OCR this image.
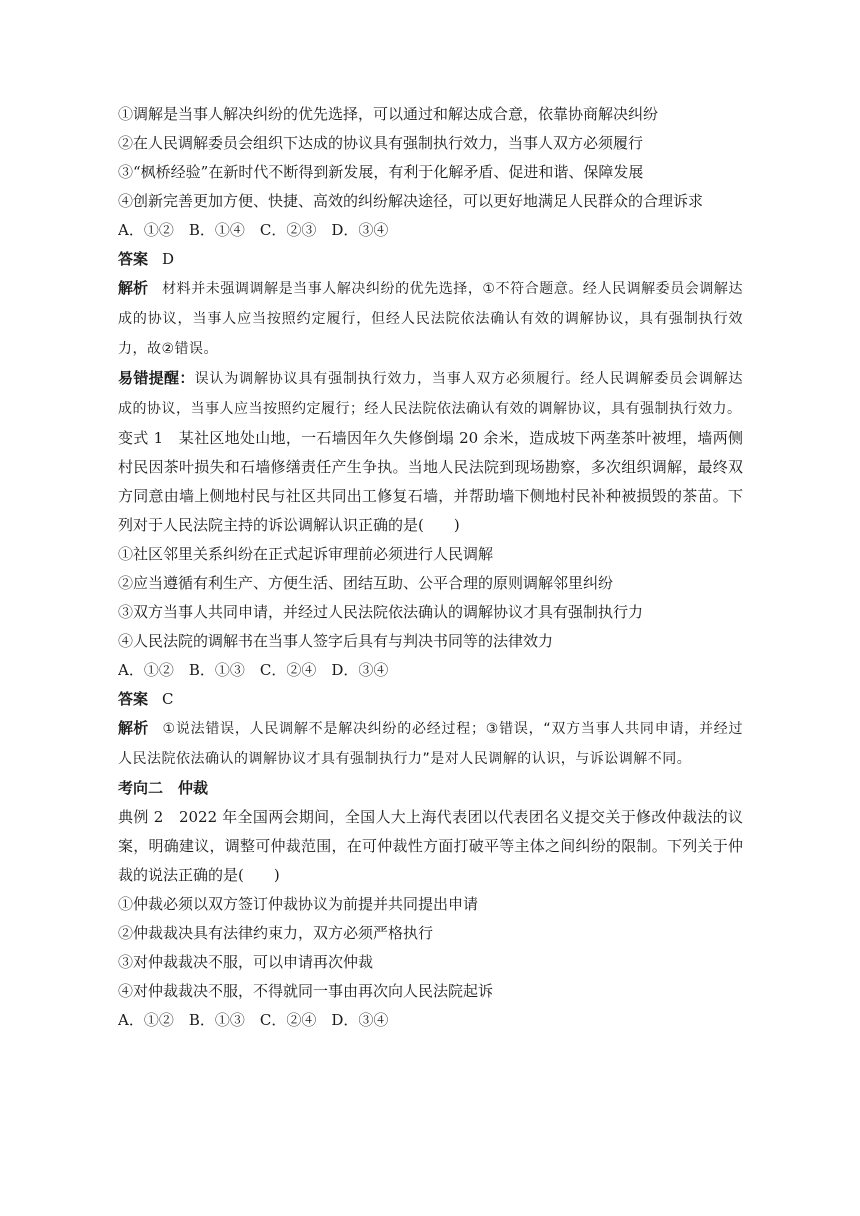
①调解是当事人解决纠纷的优先选择，可以通过和解达成合意，依靠协商解决纠纷
②在人民调解委员会组织下达成的协议具有强制执行效力，当事人双方必须履行
③“枫桥经验”在新时代不断得到新发展，有利于化解矛盾、促进和谐、保障发展
④创新完善更加方便、快捷、高效的纠纷解决途径，可以更好地满足人民群众的合理诉求
A．①②　B．①④　C．②③　D．③④
答案 D
解析 材料并未强调调解是当事人解决纠纷的优先选择，①不符合题意。经人民调解委员会调解达成的协议，当事人应当按照约定履行，但经人民法院依法确认有效的调解协议，具有强制执行效力，故②错误。
易错提醒：误认为调解协议具有强制执行效力，当事人双方必须履行。经人民调解委员会调解达成的协议，当事人应当按照约定履行；经人民法院依法确认有效的调解协议，具有强制执行效力。
变式 1　某社区地处山地，一石墙因年久失修倒塌 20 余米，造成坡下两垄茶叶被埋，墙两侧村民因茶叶损失和石墙修缮责任产生争执。当地人民法院到现场勘察，多次组织调解，最终双方同意由墙上侧地村民与社区共同出工修复石墙，并帮助墙下侧地村民补种被损毁的茶苗。下列对于人民法院主持的诉讼调解认识正确的是(　　)
①社区邻里关系纠纷在正式起诉审理前必须进行人民调解
②应当遵循有利生产、方便生活、团结互助、公平合理的原则调解邻里纠纷
③双方当事人共同申请，并经过人民法院依法确认的调解协议才具有强制执行力
④人民法院的调解书在当事人签字后具有与判决书同等的法律效力
A．①②　B．①③　C．②④　D．③④
答案 C
解析 ①说法错误，人民调解不是解决纠纷的必经过程；③错误，“双方当事人共同申请，并经过人民法院依法确认的调解协议才具有强制执行力”是对人民调解的认识，与诉讼调解不同。
考向二　仲裁
典例 2　2022 年全国两会期间，全国人大上海代表团以代表团名义提交关于修改仲裁法的议案，明确建议，调整可仲裁范围，在可仲裁性方面打破平等主体之间纠纷的限制。下列关于仲裁的说法正确的是(　　)
①仲裁必须以双方签订仲裁协议为前提并共同提出申请
②仲裁裁决具有法律约束力，双方必须严格执行
③对仲裁裁决不服，可以申请再次仲裁
④对仲裁裁决不服，不得就同一事由再次向人民法院起诉
A．①②　B．①③　C．②④　D．③④
